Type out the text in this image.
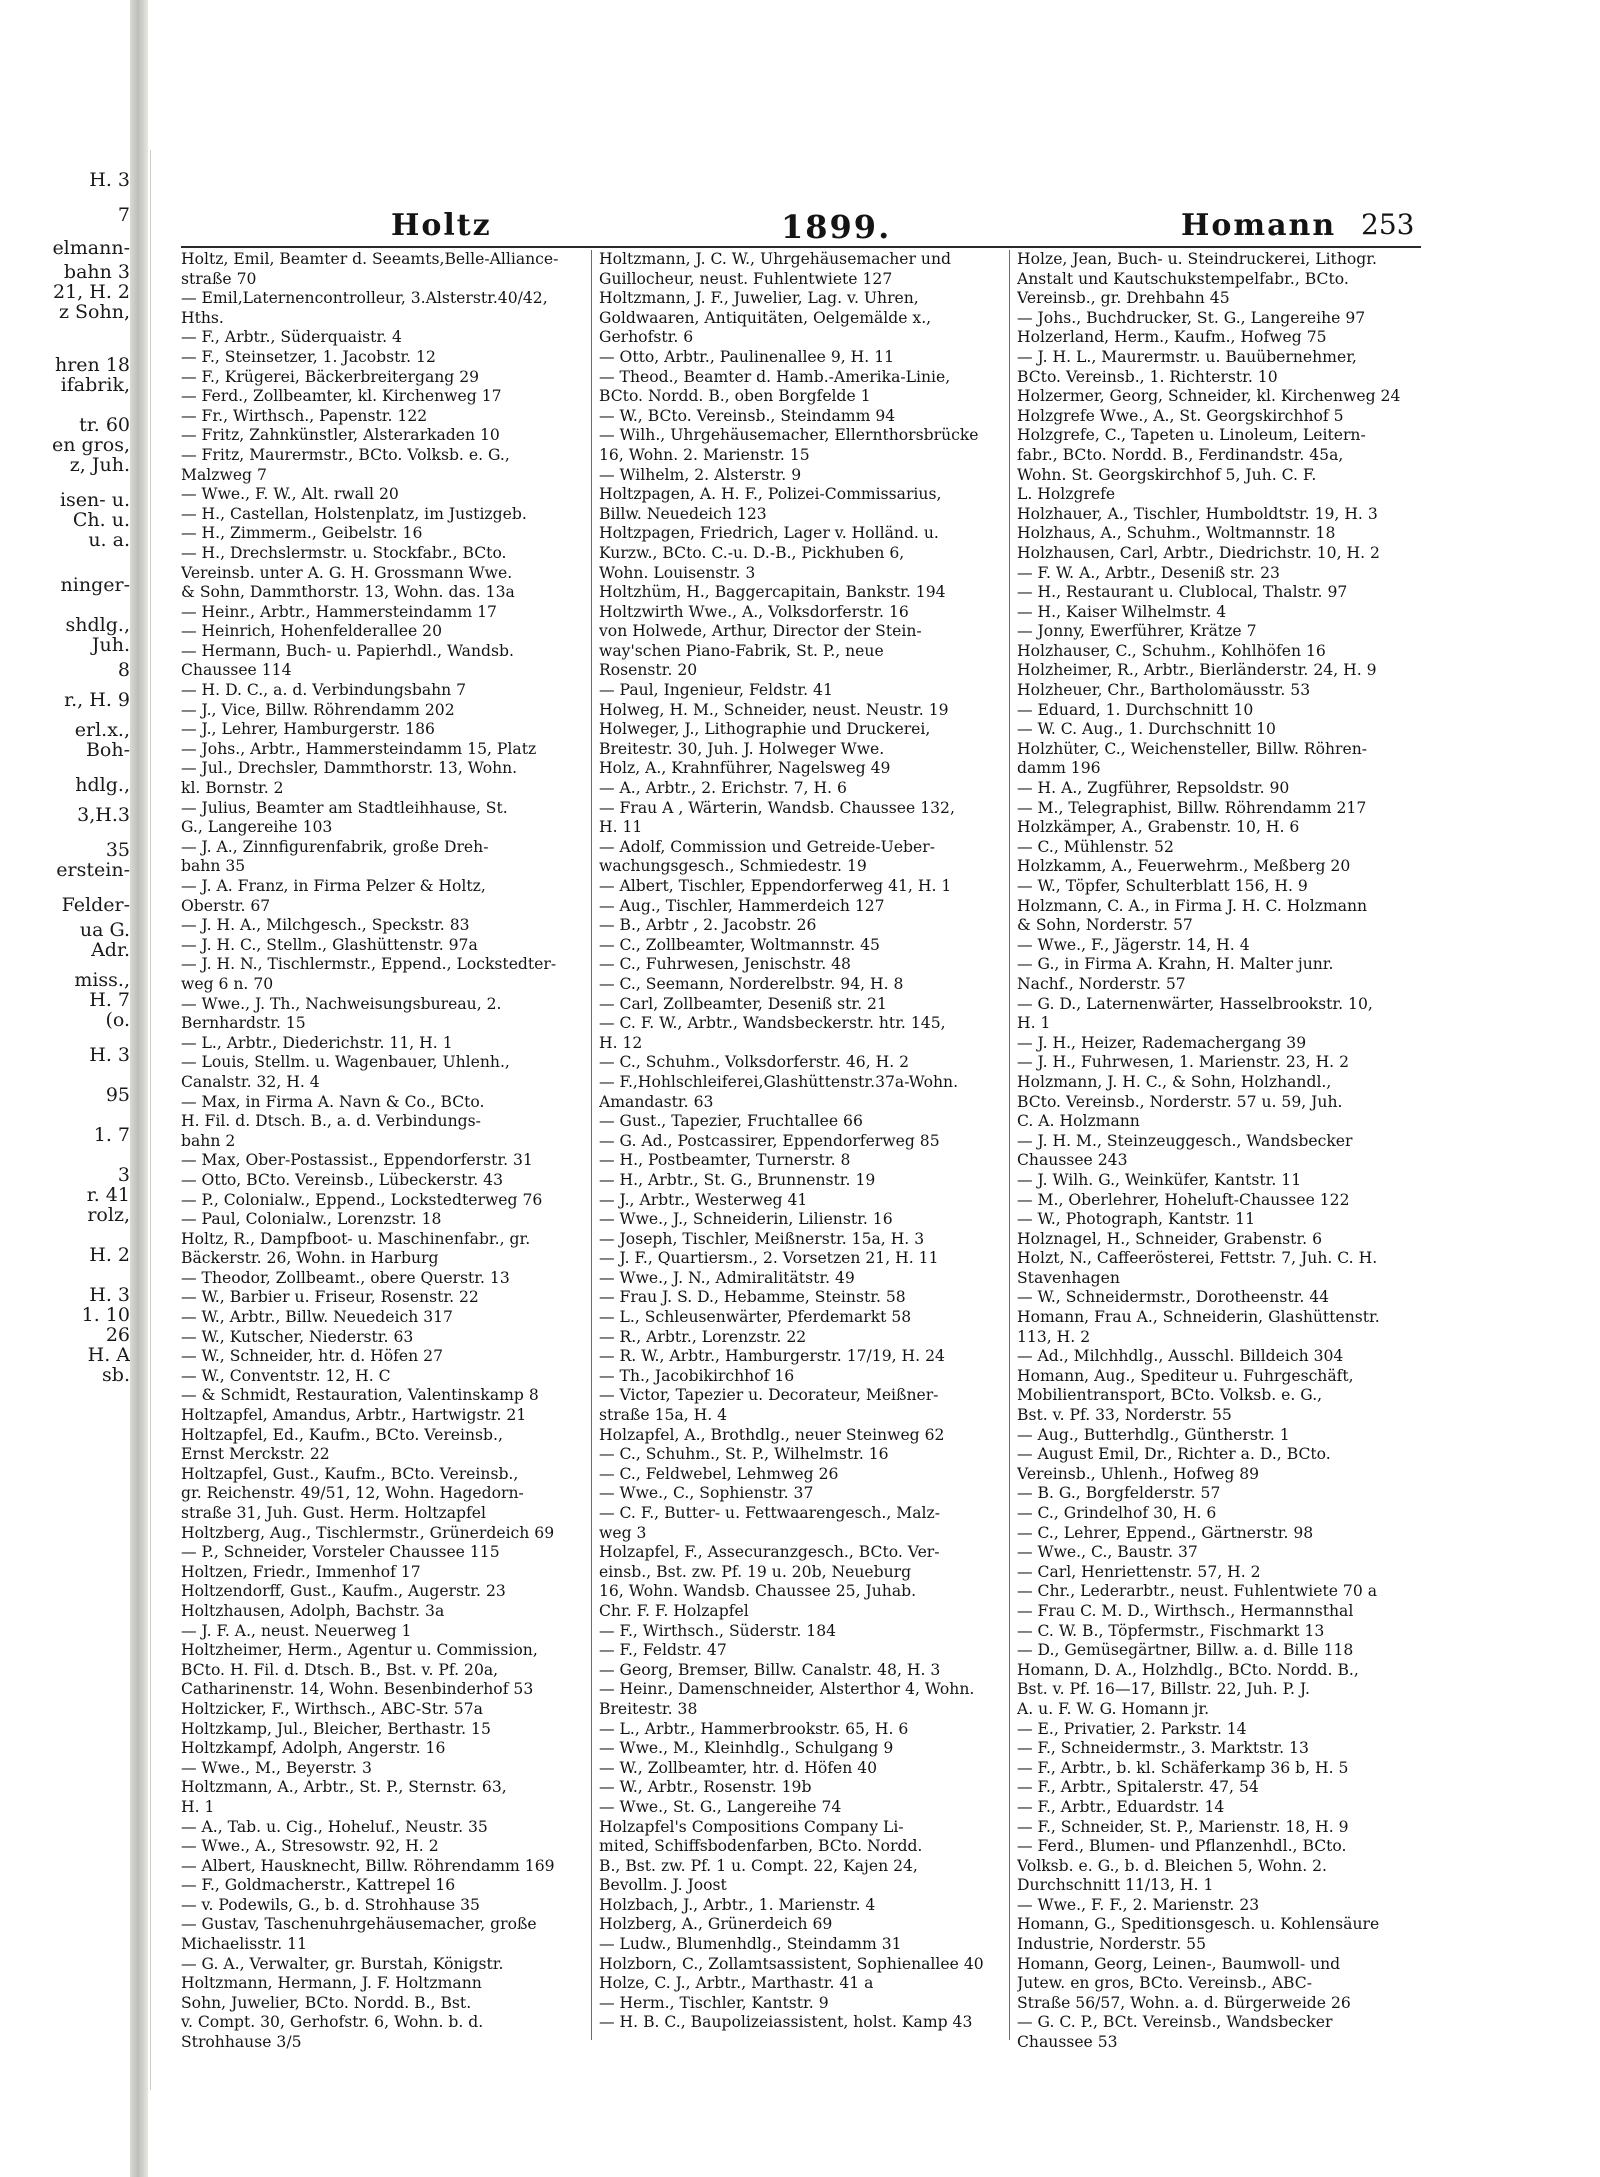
H. 3
7
elmann-
bahn 3
21, H. 2
z Sohn,
hren 18
ifabrik,
tr. 60
en gros,
z, Juh.
isen- u.
Ch. u.
u. a.
ninger-
shdlg.,
Juh.
8
r., H. 9
erl.x.,
Boh-
hdlg.,
3,H.3
35
erstein-
Felder-
ua G.
Adr.
miss.,
H. 7
(o.
H. 3
95
1. 7
3
r. 41
rolz,
H. 2
H. 3
1. 10
26
H. A
sb.
Holtz	1899.	Homann 253
Holtz, Emil, Beamter d. Seeamts,Belle-Alliance-
straße 70
— Emil,Laternencontrolleur, 3.Alsterstr.40/42,
Hths.
— F., Arbtr., Süderquaistr. 4
— F., Steinsetzer, 1. Jacobstr. 12
— F., Krügerei, Bäckerbreitergang 29
— Ferd., Zollbeamter, kl. Kirchenweg 17
— Fr., Wirthsch., Papenstr. 122
— Fritz, Zahnkünstler, Alsterarkaden 10
— Fritz, Maurermstr., BCto. Volksb. e. G.,
Malzweg 7
— Wwe., F. W., Alt. rwall 20
— H., Castellan, Holstenplatz, im Justizgeb.
— H., Zimmerm., Geibelstr. 16
— H., Drechslermstr. u. Stockfabr., BCto.
Vereinsb. unter A. G. H. Grossmann Wwe.
& Sohn, Dammthorstr. 13, Wohn. das. 13a
— Heinr., Arbtr., Hammersteindamm 17
— Heinrich, Hohenfelderallee 20
— Hermann, Buch- u. Papierhdl., Wandsb.
Chaussee 114
— H. D. C., a. d. Verbindungsbahn 7
— J., Vice, Billw. Röhrendamm 202
— J., Lehrer, Hamburgerstr. 186
— Johs., Arbtr., Hammersteindamm 15, Platz
— Jul., Drechsler, Dammthorstr. 13, Wohn.
kl. Bornstr. 2
— Julius, Beamter am Stadtleihhause, St.
G., Langereihe 103
— J. A., Zinnfigurenfabrik, große Dreh-
bahn 35
— J. A. Franz, in Firma Pelzer & Holtz,
Oberstr. 67
— J. H. A., Milchgesch., Speckstr. 83
— J. H. C., Stellm., Glashüttenstr. 97a
— J. H. N., Tischlermstr., Eppend., Lockstedter-
weg 6 n. 70
— Wwe., J. Th., Nachweisungsbureau, 2.
Bernhardstr. 15
— L., Arbtr., Diederichstr. 11, H. 1
— Louis, Stellm. u. Wagenbauer, Uhlenh.,
Canalstr. 32, H. 4
— Max, in Firma A. Navn & Co., BCto.
H. Fil. d. Dtsch. B., a. d. Verbindungs-
bahn 2
— Max, Ober-Postassist., Eppendorferstr. 31
— Otto, BCto. Vereinsb., Lübeckerstr. 43
— P., Colonialw., Eppend., Lockstedterweg 76
— Paul, Colonialw., Lorenzstr. 18
Holtz, R., Dampfboot- u. Maschinenfabr., gr.
Bäckerstr. 26, Wohn. in Harburg
— Theodor, Zollbeamt., obere Querstr. 13
— W., Barbier u. Friseur, Rosenstr. 22
— W., Arbtr., Billw. Neuedeich 317
— W., Kutscher, Niederstr. 63
— W., Schneider, htr. d. Höfen 27
— W., Conventstr. 12, H. C
— & Schmidt, Restauration, Valentinskamp 8
Holtzapfel, Amandus, Arbtr., Hartwigstr. 21
Holtzapfel, Ed., Kaufm., BCto. Vereinsb.,
Ernst Merckstr. 22
Holtzapfel, Gust., Kaufm., BCto. Vereinsb.,
gr. Reichenstr. 49/51, 12, Wohn. Hagedorn-
straße 31, Juh. Gust. Herm. Holtzapfel
Holtzberg, Aug., Tischlermstr., Grünerdeich 69
— P., Schneider, Vorsteler Chaussee 115
Holtzen, Friedr., Immenhof 17
Holtzendorff, Gust., Kaufm., Augerstr. 23
Holtzhausen, Adolph, Bachstr. 3a
— J. F. A., neust. Neuerweg 1
Holtzheimer, Herm., Agentur u. Commission,
BCto. H. Fil. d. Dtsch. B., Bst. v. Pf. 20a,
Catharinenstr. 14, Wohn. Besenbinderhof 53
Holtzicker, F., Wirthsch., ABC-Str. 57a
Holtzkamp, Jul., Bleicher, Berthastr. 15
Holtzkampf, Adolph, Angerstr. 16
— Wwe., M., Beyerstr. 3
Holtzmann, A., Arbtr., St. P., Sternstr. 63,
H. 1
— A., Tab. u. Cig., Hoheluf., Neustr. 35
— Wwe., A., Stresowstr. 92, H. 2
— Albert, Hausknecht, Billw. Röhrendamm 169
— F., Goldmacherstr., Kattrepel 16
— v. Podewils, G., b. d. Strohhause 35
— Gustav, Taschenuhrgehäusemacher, große
Michaelisstr. 11
— G. A., Verwalter, gr. Burstah, Königstr.
Holtzmann, Hermann, J. F. Holtzmann
Sohn, Juwelier, BCto. Nordd. B., Bst.
v. Compt. 30, Gerhofstr. 6, Wohn. b. d.
Strohhause 3/5
Holtzmann, J. C. W., Uhrgehäusemacher und
Guillocheur, neust. Fuhlentwiete 127
Holtzmann, J. F., Juwelier, Lag. v. Uhren,
Goldwaaren, Antiquitäten, Oelgemälde x.,
Gerhofstr. 6
— Otto, Arbtr., Paulinenallee 9, H. 11
— Theod., Beamter d. Hamb.-Amerika-Linie,
BCto. Nordd. B., oben Borgfelde 1
— W., BCto. Vereinsb., Steindamm 94
— Wilh., Uhrgehäusemacher, Ellernthorsbrücke
16, Wohn. 2. Marienstr. 15
— Wilhelm, 2. Alsterstr. 9
Holtzpagen, A. H. F., Polizei-Commissarius,
Billw. Neuedeich 123
Holtzpagen, Friedrich, Lager v. Holländ. u.
Kurzw., BCto. C.-u. D.-B., Pickhuben 6,
Wohn. Louisenstr. 3
Holtzhüm, H., Baggercapitain, Bankstr. 194
Holtzwirth Wwe., A., Volksdorferstr. 16
von Holwede, Arthur, Director der Stein-
way'schen Piano-Fabrik, St. P., neue
Rosenstr. 20
— Paul, Ingenieur, Feldstr. 41
Holweg, H. M., Schneider, neust. Neustr. 19
Holweger, J., Lithographie und Druckerei,
Breitestr. 30, Juh. J. Holweger Wwe.
Holz, A., Krahnführer, Nagelsweg 49
— A., Arbtr., 2. Erichstr. 7, H. 6
— Frau A , Wärterin, Wandsb. Chaussee 132,
H. 11
— Adolf, Commission und Getreide-Ueber-
wachungsgesch., Schmiedestr. 19
— Albert, Tischler, Eppendorferweg 41, H. 1
— Aug., Tischler, Hammerdeich 127
— B., Arbtr , 2. Jacobstr. 26
— C., Zollbeamter, Woltmannstr. 45
— C., Fuhrwesen, Jenischstr. 48
— C., Seemann, Norderelbstr. 94, H. 8
— Carl, Zollbeamter, Deseniß str. 21
— C. F. W., Arbtr., Wandsbeckerstr. htr. 145,
H. 12
— C., Schuhm., Volksdorferstr. 46, H. 2
— F.,Hohlschleiferei,Glashüttenstr.37a-Wohn.
Amandastr. 63
— Gust., Tapezier, Fruchtallee 66
— G. Ad., Postcassirer, Eppendorferweg 85
— H., Postbeamter, Turnerstr. 8
— H., Arbtr., St. G., Brunnenstr. 19
— J., Arbtr., Westerweg 41
— Wwe., J., Schneiderin, Lilienstr. 16
— Joseph, Tischler, Meißnerstr. 15a, H. 3
— J. F., Quartiersm., 2. Vorsetzen 21, H. 11
— Wwe., J. N., Admiralitätstr. 49
— Frau J. S. D., Hebamme, Steinstr. 58
— L., Schleusenwärter, Pferdemarkt 58
— R., Arbtr., Lorenzstr. 22
— R. W., Arbtr., Hamburgerstr. 17/19, H. 24
— Th., Jacobikirchhof 16
— Victor, Tapezier u. Decorateur, Meißner-
straße 15a, H. 4
Holzapfel, A., Brothdlg., neuer Steinweg 62
— C., Schuhm., St. P., Wilhelmstr. 16
— C., Feldwebel, Lehmweg 26
— Wwe., C., Sophienstr. 37
— C. F., Butter- u. Fettwaarengesch., Malz-
weg 3
Holzapfel, F., Assecuranzgesch., BCto. Ver-
einsb., Bst. zw. Pf. 19 u. 20b, Neueburg
16, Wohn. Wandsb. Chaussee 25, Juhab.
Chr. F. F. Holzapfel
— F., Wirthsch., Süderstr. 184
— F., Feldstr. 47
— Georg, Bremser, Billw. Canalstr. 48, H. 3
— Heinr., Damenschneider, Alsterthor 4, Wohn.
Breitestr. 38
— L., Arbtr., Hammerbrookstr. 65, H. 6
— Wwe., M., Kleinhdlg., Schulgang 9
— W., Zollbeamter, htr. d. Höfen 40
— W., Arbtr., Rosenstr. 19b
— Wwe., St. G., Langereihe 74
Holzapfel's Compositions Company Li-
mited, Schiffsbodenfarben, BCto. Nordd.
B., Bst. zw. Pf. 1 u. Compt. 22, Kajen 24,
Bevollm. J. Joost
Holzbach, J., Arbtr., 1. Marienstr. 4
Holzberg, A., Grünerdeich 69
— Ludw., Blumenhdlg., Steindamm 31
Holzborn, C., Zollamtsassistent, Sophienallee 40
Holze, C. J., Arbtr., Marthastr. 41 a
— Herm., Tischler, Kantstr. 9
— H. B. C., Baupolizeiassistent, holst. Kamp 43
Holze, Jean, Buch- u. Steindruckerei, Lithogr.
Anstalt und Kautschukstempelfabr., BCto.
Vereinsb., gr. Drehbahn 45
— Johs., Buchdrucker, St. G., Langereihe 97
Holzerland, Herm., Kaufm., Hofweg 75
— J. H. L., Maurermstr. u. Bauübernehmer,
BCto. Vereinsb., 1. Richterstr. 10
Holzermer, Georg, Schneider, kl. Kirchenweg 24
Holzgrefe Wwe., A., St. Georgskirchhof 5
Holzgrefe, C., Tapeten u. Linoleum, Leitern-
fabr., BCto. Nordd. B., Ferdinandstr. 45a,
Wohn. St. Georgskirchhof 5, Juh. C. F.
L. Holzgrefe
Holzhauer, A., Tischler, Humboldtstr. 19, H. 3
Holzhaus, A., Schuhm., Woltmannstr. 18
Holzhausen, Carl, Arbtr., Diedrichstr. 10, H. 2
— F. W. A., Arbtr., Deseniß str. 23
— H., Restaurant u. Clublocal, Thalstr. 97
— H., Kaiser Wilhelmstr. 4
— Jonny, Ewerführer, Krätze 7
Holzhauser, C., Schuhm., Kohlhöfen 16
Holzheimer, R., Arbtr., Bierländerstr. 24, H. 9
Holzheuer, Chr., Bartholomäusstr. 53
— Eduard, 1. Durchschnitt 10
— W. C. Aug., 1. Durchschnitt 10
Holzhüter, C., Weichensteller, Billw. Röhren-
damm 196
— H. A., Zugführer, Repsoldstr. 90
— M., Telegraphist, Billw. Röhrendamm 217
Holzkämper, A., Grabenstr. 10, H. 6
— C., Mühlenstr. 52
Holzkamm, A., Feuerwehrm., Meßberg 20
— W., Töpfer, Schulterblatt 156, H. 9
Holzmann, C. A., in Firma J. H. C. Holzmann
& Sohn, Norderstr. 57
— Wwe., F., Jägerstr. 14, H. 4
— G., in Firma A. Krahn, H. Malter junr.
Nachf., Norderstr. 57
— G. D., Laternenwärter, Hasselbrookstr. 10,
H. 1
— J. H., Heizer, Rademachergang 39
— J. H., Fuhrwesen, 1. Marienstr. 23, H. 2
Holzmann, J. H. C., & Sohn, Holzhandl.,
BCto. Vereinsb., Norderstr. 57 u. 59, Juh.
C. A. Holzmann
— J. H. M., Steinzeuggesch., Wandsbecker
Chaussee 243
— J. Wilh. G., Weinküfer, Kantstr. 11
— M., Oberlehrer, Hoheluft-Chaussee 122
— W., Photograph, Kantstr. 11
Holznagel, H., Schneider, Grabenstr. 6
Holzt, N., Caffeerösterei, Fettstr. 7, Juh. C. H.
Stavenhagen
— W., Schneidermstr., Dorotheenstr. 44
Homann, Frau A., Schneiderin, Glashüttenstr.
113, H. 2
— Ad., Milchhdlg., Ausschl. Billdeich 304
Homann, Aug., Spediteur u. Fuhrgeschäft,
Mobilientransport, BCto. Volksb. e. G.,
Bst. v. Pf. 33, Norderstr. 55
— Aug., Butterhdlg., Güntherstr. 1
— August Emil, Dr., Richter a. D., BCto.
Vereinsb., Uhlenh., Hofweg 89
— B. G., Borgfelderstr. 57
— C., Grindelhof 30, H. 6
— C., Lehrer, Eppend., Gärtnerstr. 98
— Wwe., C., Baustr. 37
— Carl, Henriettenstr. 57, H. 2
— Chr., Lederarbtr., neust. Fuhlentwiete 70 a
— Frau C. M. D., Wirthsch., Hermannsthal
— C. W. B., Töpfermstr., Fischmarkt 13
— D., Gemüsegärtner, Billw. a. d. Bille 118
Homann, D. A., Holzhdlg., BCto. Nordd. B.,
Bst. v. Pf. 16—17, Billstr. 22, Juh. P. J.
A. u. F. W. G. Homann jr.
— E., Privatier, 2. Parkstr. 14
— F., Schneidermstr., 3. Marktstr. 13
— F., Arbtr., b. kl. Schäferkamp 36 b, H. 5
— F., Arbtr., Spitalerstr. 47, 54
— F., Arbtr., Eduardstr. 14
— F., Schneider, St. P., Marienstr. 18, H. 9
— Ferd., Blumen- und Pflanzenhdl., BCto.
Volksb. e. G., b. d. Bleichen 5, Wohn. 2.
Durchschnitt 11/13, H. 1
— Wwe., F. F., 2. Marienstr. 23
Homann, G., Speditionsgesch. u. Kohlensäure
Industrie, Norderstr. 55
Homann, Georg, Leinen-, Baumwoll- und
Jutew. en gros, BCto. Vereinsb., ABC-
Straße 56/57, Wohn. a. d. Bürgerweide 26
— G. C. P., BCt. Vereinsb., Wandsbecker
Chaussee 53
